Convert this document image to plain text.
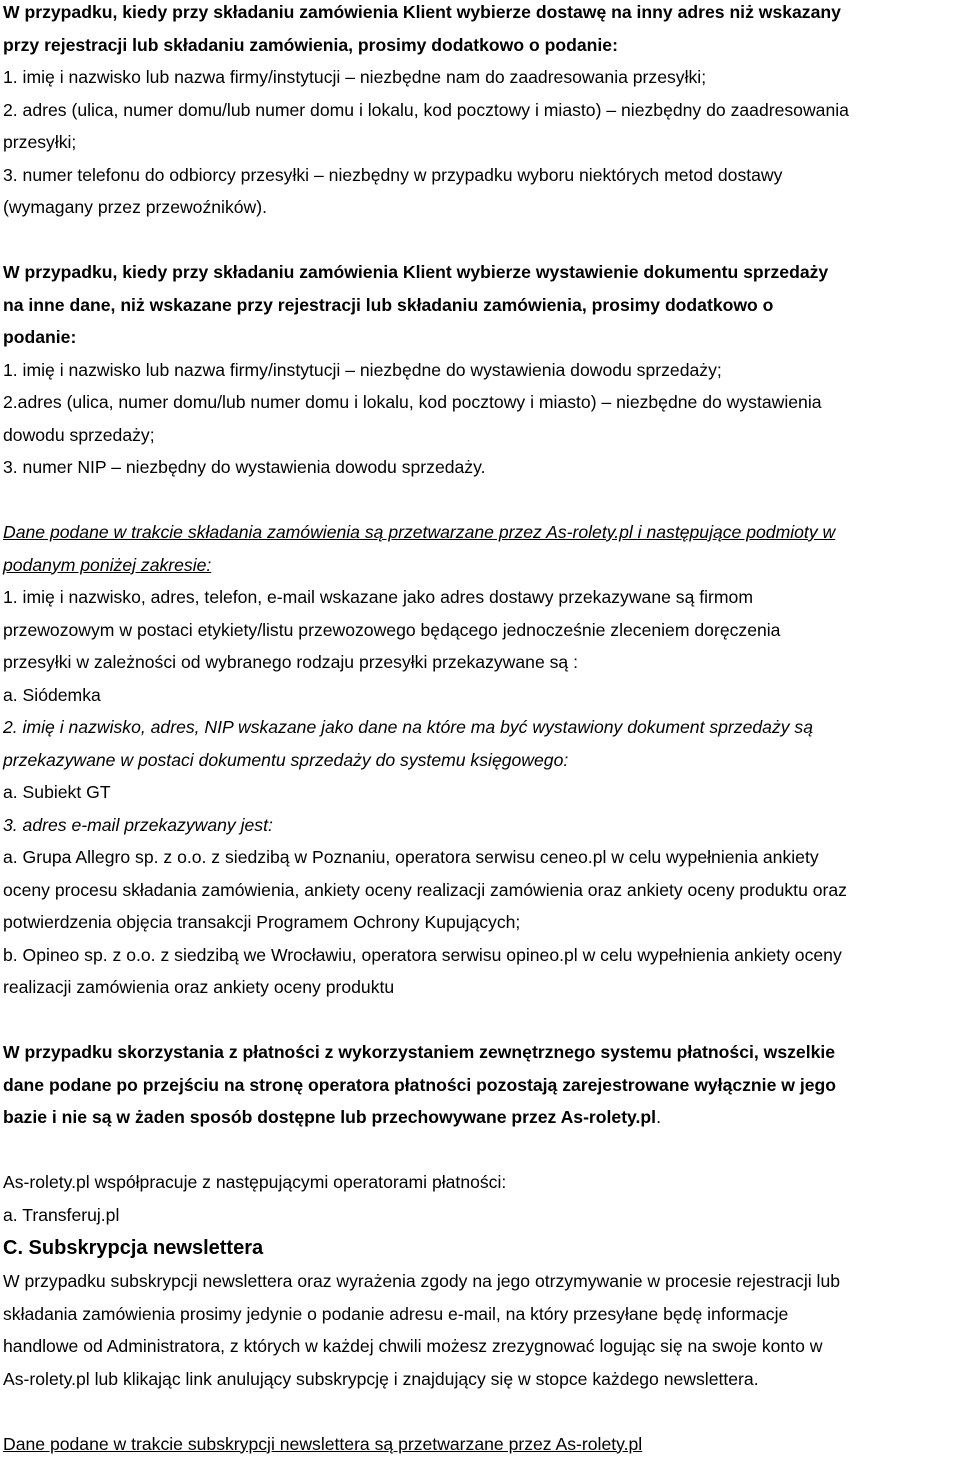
W przypadku, kiedy przy składaniu zamówienia Klient wybierze dostawę na inny adres niż wskazany
przy rejestracji lub składaniu zamówienia, prosimy dodatkowo o podanie:
1. imię i nazwisko lub nazwa firmy/instytucji – niezbędne nam do zaadresowania przesyłki;
2. adres (ulica, numer domu/lub numer domu i lokalu, kod pocztowy i miasto) – niezbędny do zaadresowania
przesyłki;
3. numer telefonu do odbiorcy przesyłki – niezbędny w przypadku wyboru niektórych metod dostawy
(wymagany przez przewoźników).
W przypadku, kiedy przy składaniu zamówienia Klient wybierze wystawienie dokumentu sprzedaży
na inne dane, niż wskazane przy rejestracji lub składaniu zamówienia, prosimy dodatkowo o
podanie:
1. imię i nazwisko lub nazwa firmy/instytucji – niezbędne do wystawienia dowodu sprzedaży;
2.adres (ulica, numer domu/lub numer domu i lokalu, kod pocztowy i miasto) – niezbędne do wystawienia
dowodu sprzedaży;
3. numer NIP – niezbędny do wystawienia dowodu sprzedaży.
Dane podane w trakcie składania zamówienia są przetwarzane przez As-rolety.pl i następujące podmioty w
podanym poniżej zakresie:
1. imię i nazwisko, adres, telefon, e-mail wskazane jako adres dostawy przekazywane są firmom
przewozowym w postaci etykiety/listu przewozowego będącego jednocześnie zleceniem doręczenia
przesyłki w zależności od wybranego rodzaju przesyłki przekazywane są :
a. Siódemka
2. imię i nazwisko, adres, NIP wskazane jako dane na które ma być wystawiony dokument sprzedaży są
przekazywane w postaci dokumentu sprzedaży do systemu księgowego:
a. Subiekt GT
3. adres e-mail przekazywany jest:
a. Grupa Allegro sp. z o.o. z siedzibą w Poznaniu, operatora serwisu ceneo.pl w celu wypełnienia ankiety
oceny procesu składania zamówienia, ankiety oceny realizacji zamówienia oraz ankiety oceny produktu oraz
potwierdzenia objęcia transakcji Programem Ochrony Kupujących;
b. Opineo sp. z o.o. z siedzibą we Wrocławiu, operatora serwisu opineo.pl w celu wypełnienia ankiety oceny
realizacji zamówienia oraz ankiety oceny produktu
W przypadku skorzystania z płatności z wykorzystaniem zewnętrznego systemu płatności, wszelkie
dane podane po przejściu na stronę operatora płatności pozostają zarejestrowane wyłącznie w jego
bazie i nie są w żaden sposób dostępne lub przechowywane przez As-rolety.pl.
As-rolety.pl współpracuje z następującymi operatorami płatności:
a. Transferuj.pl
C. Subskrypcja newslettera
W przypadku subskrypcji newslettera oraz wyrażenia zgody na jego otrzymywanie w procesie rejestracji lub
składania zamówienia prosimy jedynie o podanie adresu e-mail, na który przesyłane będę informacje
handlowe od Administratora, z których w każdej chwili możesz zrezygnować logując się na swoje konto w
As-rolety.pl lub klikając link anulujący subskrypcję i znajdujący się w stopce każdego newslettera.
Dane podane w trakcie subskrypcji newslettera są przetwarzane przez As-rolety.pl
